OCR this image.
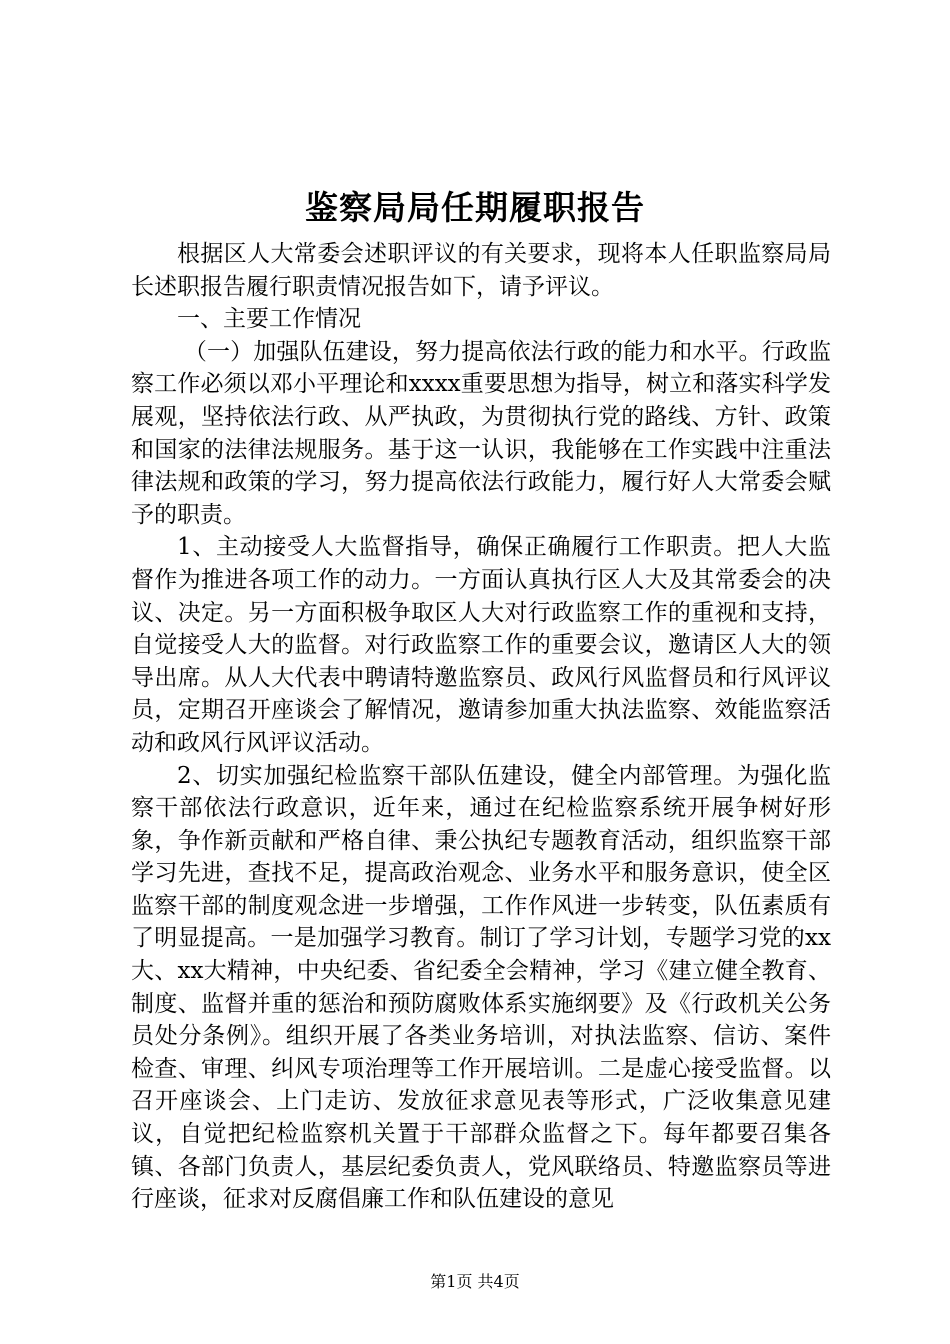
鉴察局局任期履职报告

根据区人大常委会述职评议的有关要求，现将本人任职监察局局长述职报告履行职责情况报告如下，请予评议。

一、主要工作情况

（一）加强队伍建设，努力提高依法行政的能力和水平。行政监察工作必须以邓小平理论和xxxx重要思想为指导，树立和落实科学发展观，坚持依法行政、从严执政，为贯彻执行党的路线、方针、政策和国家的法律法规服务。基于这一认识，我能够在工作实践中注重法律法规和政策的学习，努力提高依法行政能力，履行好人大常委会赋予的职责。

1、主动接受人大监督指导，确保正确履行工作职责。把人大监督作为推进各项工作的动力。一方面认真执行区人大及其常委会的决议、决定。另一方面积极争取区人大对行政监察工作的重视和支持，自觉接受人大的监督。对行政监察工作的重要会议，邀请区人大的领导出席。从人大代表中聘请特邀监察员、政风行风监督员和行风评议员，定期召开座谈会了解情况，邀请参加重大执法监察、效能监察活动和政风行风评议活动。

2、切实加强纪检监察干部队伍建设，健全内部管理。为强化监察干部依法行政意识，近年来，通过在纪检监察系统开展争树好形象，争作新贡献和严格自律、秉公执纪专题教育活动，组织监察干部学习先进，查找不足，提高政治观念、业务水平和服务意识，使全区监察干部的制度观念进一步增强，工作作风进一步转变，队伍素质有了明显提高。一是加强学习教育。制订了学习计划，专题学习党的xx大、xx大精神，中央纪委、省纪委全会精神，学习《建立健全教育、制度、监督并重的惩治和预防腐败体系实施纲要》及《行政机关公务员处分条例》。组织开展了各类业务培训，对执法监察、信访、案件检查、审理、纠风专项治理等工作开展培训。二是虚心接受监督。以召开座谈会、上门走访、发放征求意见表等形式，广泛收集意见建议，自觉把纪检监察机关置于干部群众监督之下。每年都要召集各镇、各部门负责人，基层纪委负责人，党风联络员、特邀监察员等进行座谈，征求对反腐倡廉工作和队伍建设的意见

第1页 共4页
